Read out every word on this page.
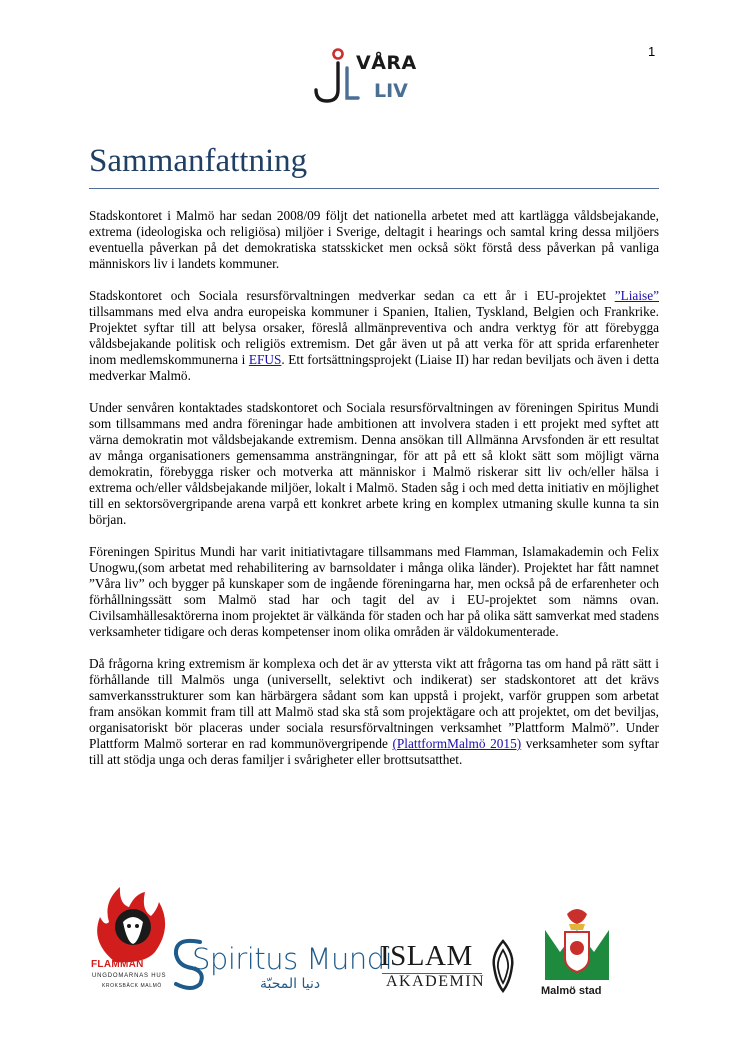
1
VÅRA
LIV
Sammanfattning

Stadskontoret i Malmö har sedan 2008/09 följt det nationella arbetet med att kartlägga våldsbejakande, extrema (ideologiska och religiösa) miljöer i Sverige, deltagit i hearings och samtal kring dessa miljöers eventuella påverkan på det demokratiska statsskicket men också sökt förstå dess påverkan på vanliga människors liv i landets kommuner.

Stadskontoret och Sociala resursförvaltningen medverkar sedan ca ett år i EU-projektet ”Liaise” tillsammans med elva andra europeiska kommuner i Spanien, Italien, Tyskland, Belgien och Frankrike. Projektet syftar till att belysa orsaker, föreslå allmänpreventiva och andra verktyg för att förebygga våldsbejakande politisk och religiös extremism. Det går även ut på att verka för att sprida erfarenheter inom medlemskommunerna i EFUS. Ett fortsättningsprojekt (Liaise II) har redan beviljats och även i detta medverkar Malmö.

Under senvåren kontaktades stadskontoret och Sociala resursförvaltningen av föreningen Spiritus Mundi som tillsammans med andra föreningar hade ambitionen att involvera staden i ett projekt med syftet att värna demokratin mot våldsbejakande extremism. Denna ansökan till Allmänna Arvsfonden är ett resultat av många organisationers gemensamma ansträngningar, för att på ett så klokt sätt som möjligt värna demokratin, förebygga risker och motverka att människor i Malmö riskerar sitt liv och/eller hälsa i extrema och/eller våldsbejakande miljöer, lokalt i Malmö. Staden såg i och med detta initiativ en möjlighet till en sektorsövergripande arena varpå ett konkret arbete kring en komplex utmaning skulle kunna ta sin början.

Föreningen Spiritus Mundi har varit initiativtagare tillsammans med Flamman, Islamakademin och Felix Unogwu,(som arbetat med rehabilitering av barnsoldater i många olika länder). Projektet har fått namnet ”Våra liv” och bygger på kunskaper som de ingående föreningarna har, men också på de erfarenheter och förhållningssätt som Malmö stad har och tagit del av i EU-projektet som nämns ovan. Civilsamhällesaktörerna inom projektet är välkända för staden och har på olika sätt samverkat med stadens verksamheter tidigare och deras kompetenser inom olika områden är väldokumenterade.

Då frågorna kring extremism är komplexa och det är av yttersta vikt att frågorna tas om hand på rätt sätt i förhållande till Malmös unga (universellt, selektivt och indikerat) ser stadskontoret att det krävs samverkansstrukturer som kan härbärgera sådant som kan uppstå i projekt, varför gruppen som arbetat fram ansökan kommit fram till att Malmö stad ska stå som projektägare och att projektet, om det beviljas, organisatoriskt bör placeras under sociala resursförvaltningen verksamhet ”Plattform Malmö”. Under Plattform Malmö sorterar en rad kommunövergripende (PlattformMalmö 2015) verksamheter som syftar till att stödja unga och deras familjer i svårigheter eller brottsutsatthet.

FLAMMAN
UNGDOMARNAS HUS
KROKSBÄCK MALMÖ
Spiritus Mundi
دنيا المحبّة
ISLAM
AKADEMIN
Malmö stad
